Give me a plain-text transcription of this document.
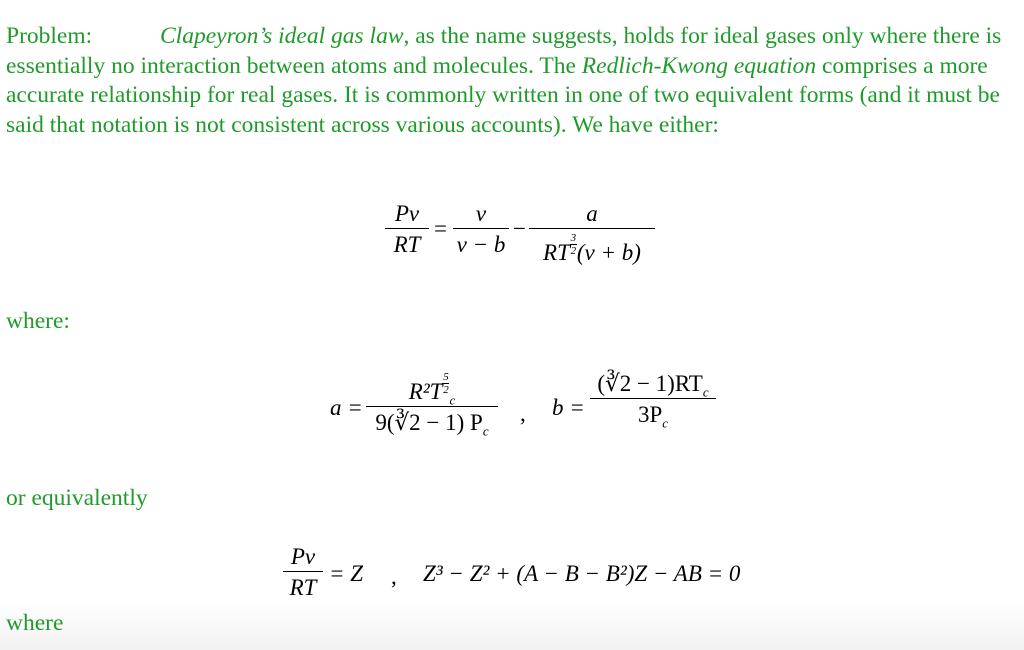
Problem:	Clapeyron’s ideal gas law, as the name suggests, holds for ideal gases only where there is essentially no interaction between atoms and molecules. The Redlich-Kwong equation comprises a more accurate relationship for real gases. It is commonly written in one of two equivalent forms (and it must be said that notation is not consistent across various accounts). We have either:
Pv
RT
=
v
v − b
−
a
RT $\frac{3}{2} (v + b)$
where:
a =
$R^2T \frac{5}{2}$
$_c$
9(∛2 − 1) $P_c$
, b =
(∛2 − $1)RT_c$
$3P_c$
or equivalently
Pv
RT
= Z , Z³ − Z² + (A − B − B²)Z − AB = 0
where
